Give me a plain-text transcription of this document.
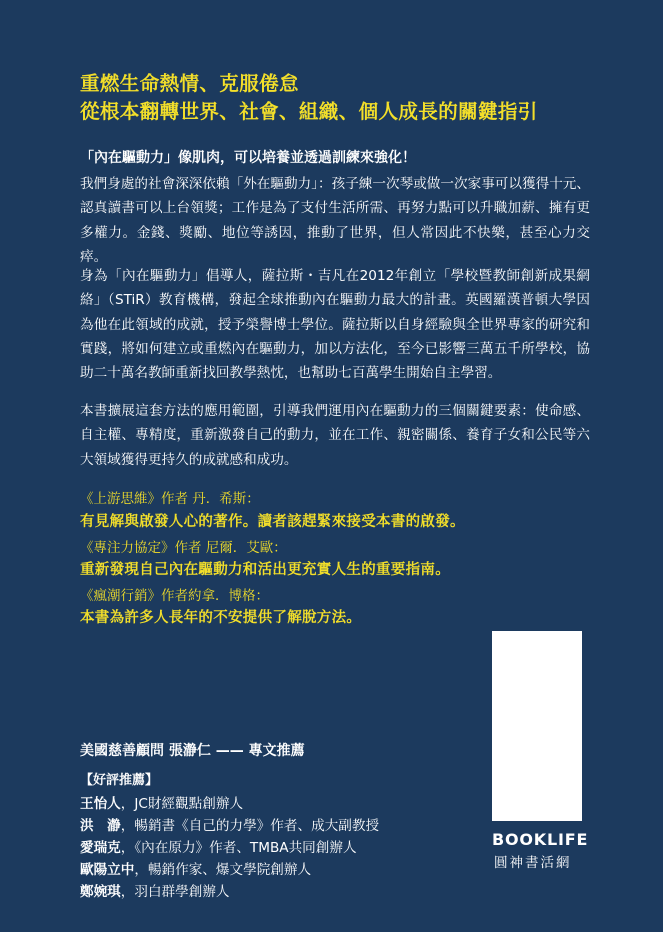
重燃生命熱情、克服倦怠
從根本翻轉世界、社會、組織、個人成長的關鍵指引
「內在驅動力」像肌肉，可以培養並透過訓練來強化！
我們身處的社會深深依賴「外在驅動力」：孩子練一次琴或做一次家事可以獲得十元、認真讀書可以上台領獎；工作是為了支付生活所需、再努力點可以升職加薪、擁有更多權力。金錢、獎勵、地位等誘因，推動了世界，但人常因此不快樂，甚至心力交瘁。
身為「內在驅動力」倡導人，薩拉斯・吉凡在2012年創立「學校暨教師創新成果網絡」（STiR）教育機構，發起全球推動內在驅動力最大的計畫。英國羅漢普頓大學因為他在此領域的成就，授予榮譽博士學位。薩拉斯以自身經驗與全世界專家的研究和實踐，將如何建立或重燃內在驅動力，加以方法化，至今已影響三萬五千所學校，協助二十萬名教師重新找回教學熱忱，也幫助七百萬學生開始自主學習。
本書擴展這套方法的應用範圍，引導我們運用內在驅動力的三個關鍵要素：使命感、自主權、專精度，重新激發自己的動力，並在工作、親密關係、養育子女和公民等六大領域獲得更持久的成就感和成功。
《上游思維》作者 丹．希斯：
有見解與啟發人心的著作。讀者該趕緊來接受本書的啟發。
《專注力協定》作者 尼爾．艾歐：
重新發現自己內在驅動力和活出更充實人生的重要指南。
《瘋潮行銷》作者約拿．博格：
本書為許多人長年的不安提供了解脫方法。
美國慈善顧問 張瀞仁 —— 專文推薦
【好評推薦】
王怡人，JC財經觀點創辦人
洪　瀞，暢銷書《自己的力學》作者、成大副教授
愛瑞克，《內在原力》作者、TMBA共同創辦人
歐陽立中，暢銷作家、爆文學院創辦人
鄭婉琪，羽白群學創辦人
BOOKLIFE
圓神書活網
